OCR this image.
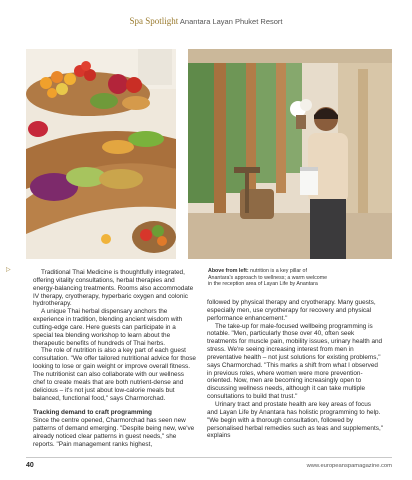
Spa Spotlight Anantara Layan Phuket Resort
Above from left: nutrition is a key pillar of Anantara's approach to wellness; a warm welcome in the reception area of Layan Life by Anantara
▷	Traditional Thai Medicine is thoughtfully integrated, offering vitality consultations, herbal therapies and energy-balancing treatments. Rooms also accommodate IV therapy, cryotherapy, hyperbaric oxygen and colonic hydrotherapy.

A unique Thai herbal dispensary anchors the experience in tradition, blending ancient wisdom with cutting-edge care. Here guests can participate in a special tea blending workshop to learn about the therapeutic benefits of hundreds of Thai herbs.

The role of nutrition is also a key part of each guest consultation. "We offer tailored nutritional advice for those looking to lose or gain weight or improve overall fitness. The nutritionist can also collaborate with our wellness chef to create meals that are both nutrient-dense and delicious – it's not just about low-calorie meals but balanced, functional food," says Charmorchad.

Tracking demand to craft programming

Since the centre opened, Charmorchad has seen new patterns of demand emerging. "Despite being new, we've already noticed clear patterns in guest needs," she reports. "Pain management ranks highest,

followed by physical therapy and cryotherapy. Many guests, especially men, use cryotherapy for recovery and physical performance enhancement."

The take-up for male-focused wellbeing programming is notable. "Men, particularly those over 40, often seek treatments for muscle pain, mobility issues, urinary health and stress. We're seeing increasing interest from men in preventative health – not just solutions for existing problems," says Charmorchad. "This marks a shift from what I observed in previous roles, where women were more prevention-oriented. Now, men are becoming increasingly open to discussing wellness needs, although it can take multiple consultations to build that trust."

Urinary tract and prostate health are key areas of focus and Layan Life by Anantara has holistic programming to help. "We begin with a thorough consultation, followed by personalised herbal remedies such as teas and supplements," explains

40	www.europeanspamagazine.com
